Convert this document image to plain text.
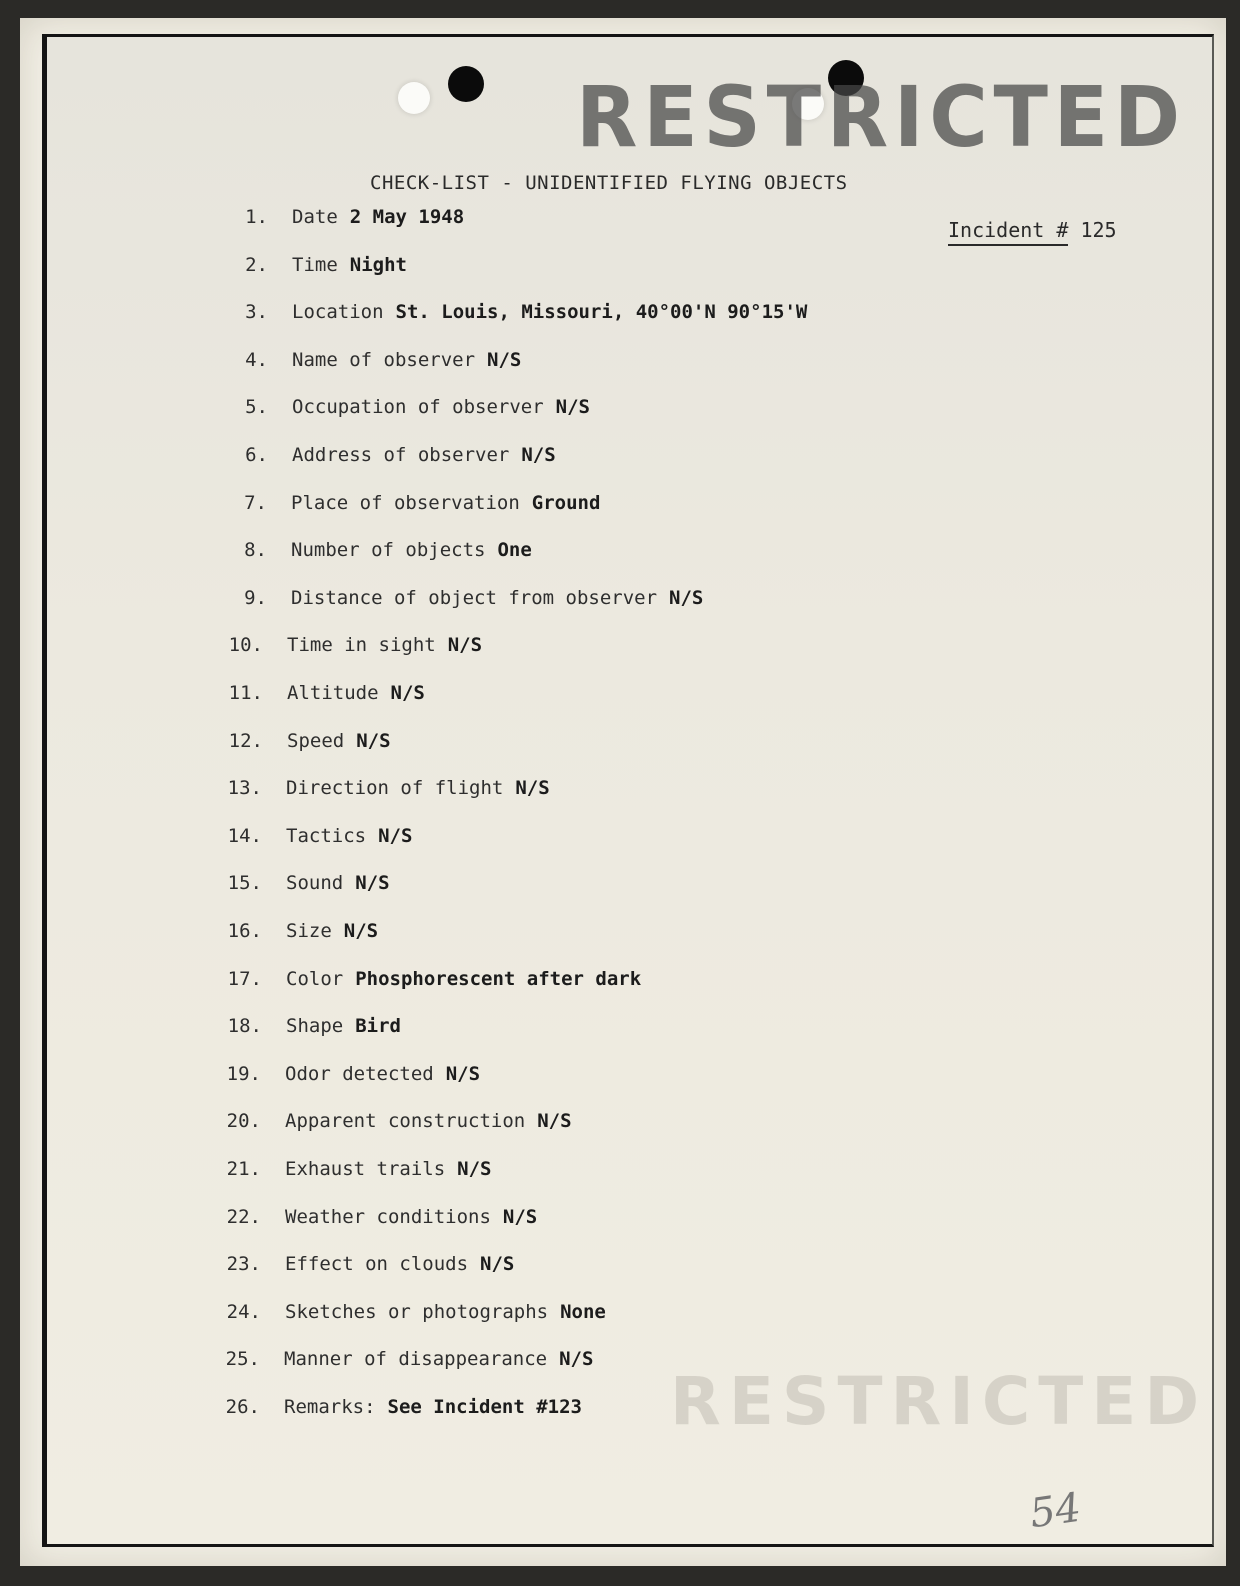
RESTRICTED
RESTRICTED
CHECK-LIST - UNIDENTIFIED FLYING OBJECTS
Incident # 125
1. Date 2 May 1948
2. Time Night
3. Location St. Louis, Missouri, 40°00'N 90°15'W
4. Name of observer N/S
5. Occupation of observer N/S
6. Address of observer N/S
7. Place of observation Ground
8. Number of objects One
9. Distance of object from observer N/S
10. Time in sight N/S
11. Altitude N/S
12. Speed N/S
13. Direction of flight N/S
14. Tactics N/S
15. Sound N/S
16. Size N/S
17. Color Phosphorescent after dark
18. Shape Bird
19. Odor detected N/S
20. Apparent construction N/S
21. Exhaust trails N/S
22. Weather conditions N/S
23. Effect on clouds N/S
24. Sketches or photographs None
25. Manner of disappearance N/S
26. Remarks: See Incident #123
54
